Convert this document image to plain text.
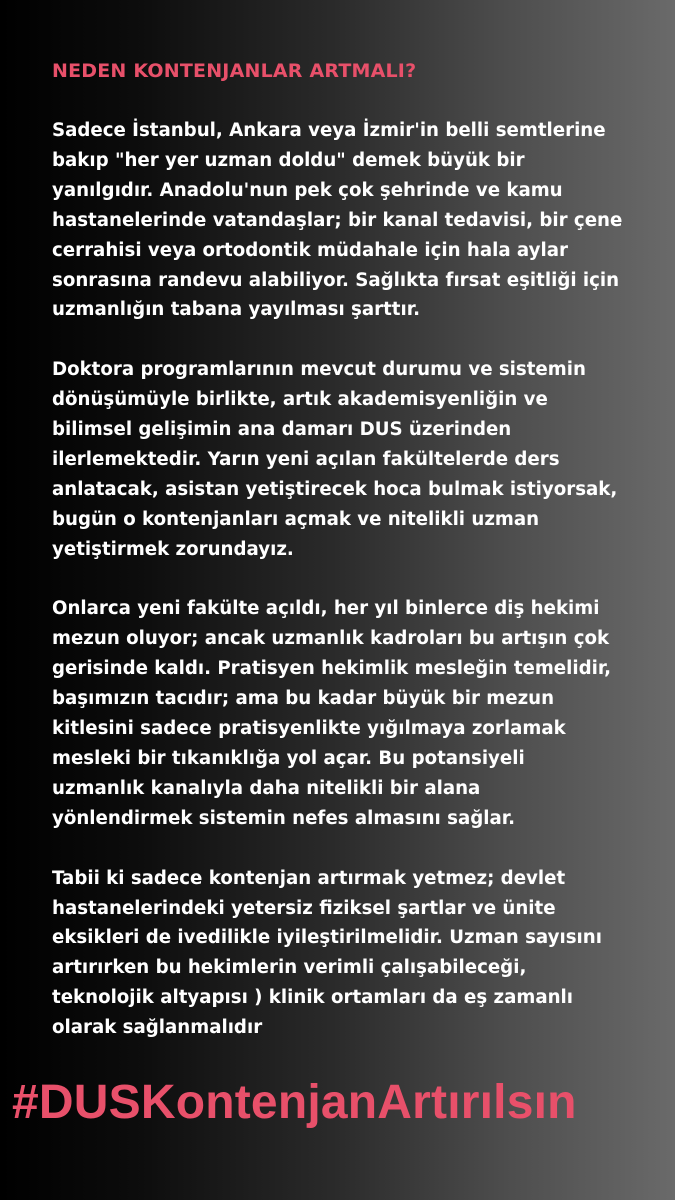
NEDEN KONTENJANLAR ARTMALI?
Sadece İstanbul, Ankara veya İzmir'in belli semtlerine
bakıp "her yer uzman doldu" demek büyük bir
yanılgıdır. Anadolu'nun pek çok şehrinde ve kamu
hastanelerinde vatandaşlar; bir kanal tedavisi, bir çene
cerrahisi veya ortodontik müdahale için hala aylar
sonrasına randevu alabiliyor. Sağlıkta fırsat eşitliği için
uzmanlığın tabana yayılması şarttır.
Doktora programlarının mevcut durumu ve sistemin
dönüşümüyle birlikte, artık akademisyenliğin ve
bilimsel gelişimin ana damarı DUS üzerinden
ilerlemektedir. Yarın yeni açılan fakültelerde ders
anlatacak, asistan yetiştirecek hoca bulmak istiyorsak,
bugün o kontenjanları açmak ve nitelikli uzman
yetiştirmek zorundayız.
Onlarca yeni fakülte açıldı, her yıl binlerce diş hekimi
mezun oluyor; ancak uzmanlık kadroları bu artışın çok
gerisinde kaldı. Pratisyen hekimlik mesleğin temelidir,
başımızın tacıdır; ama bu kadar büyük bir mezun
kitlesini sadece pratisyenlikte yığılmaya zorlamak
mesleki bir tıkanıklığa yol açar. Bu potansiyeli
uzmanlık kanalıyla daha nitelikli bir alana
yönlendirmek sistemin nefes almasını sağlar.
Tabii ki sadece kontenjan artırmak yetmez; devlet
hastanelerindeki yetersiz fiziksel şartlar ve ünite
eksikleri de ivedilikle iyileştirilmelidir. Uzman sayısını
artırırken bu hekimlerin verimli çalışabileceği,
teknolojik altyapısı ) klinik ortamları da eş zamanlı
olarak sağlanmalıdır
#DUSKontenjanArtırılsın
